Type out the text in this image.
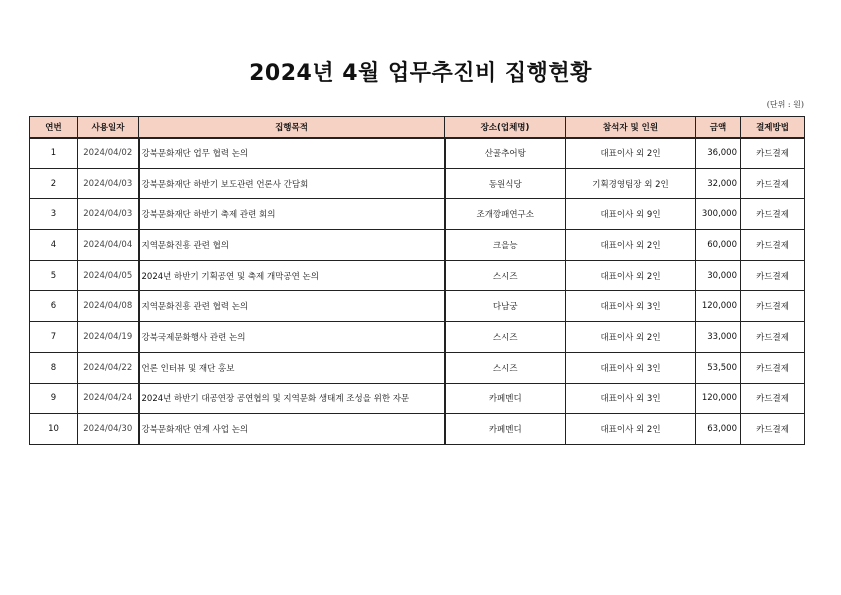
2024년 4월 업무추진비 집행현황
(단위 : 원)
연번	사용일자	집행목적	장소(업체명)	참석자 및 인원	금액	결제방법
1	2024/04/02	강북문화재단 업무 협력 논의	산골추어탕	대표이사 외 2인	36,000	카드결제
2	2024/04/03	강북문화재단 하반기 보도관련 언론사 간담회	동원식당	기획경영팀장 외 2인	32,000	카드결제
3	2024/04/03	강북문화재단 하반기 축제 관련 회의	조개깡패연구소	대표이사 외 9인	300,000	카드결제
4	2024/04/04	지역문화진흥 관련 협의	크을능	대표이사 외 2인	60,000	카드결제
5	2024/04/05	2024년 하반기 기획공연 및 축제 개막공연 논의	스시즈	대표이사 외 2인	30,000	카드결제
6	2024/04/08	지역문화진흥 관련 협력 논의	다남궁	대표이사 외 3인	120,000	카드결제
7	2024/04/19	강북국제문화행사 관련 논의	스시즈	대표이사 외 2인	33,000	카드결제
8	2024/04/22	언론 인터뷰 및 재단 홍보	스시즈	대표이사 외 3인	53,500	카드결제
9	2024/04/24	2024년 하반기 대공연장 공연협의 및 지역문화 생태계 조성을 위한 자문	카페멘디	대표이사 외 3인	120,000	카드결제
10	2024/04/30	강북문화재단 연계 사업 논의	카페멘디	대표이사 외 2인	63,000	카드결제
